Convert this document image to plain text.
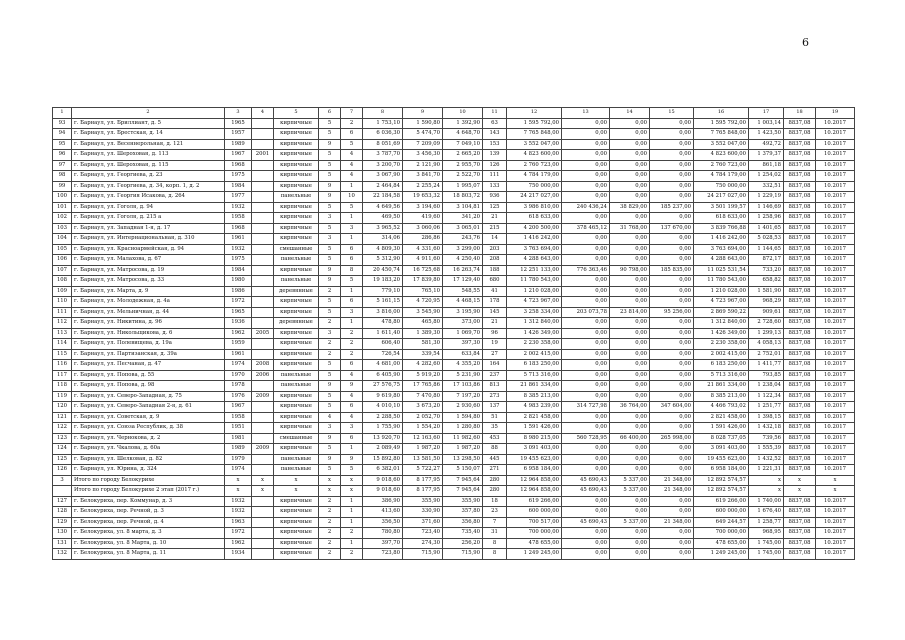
6
1	2	3	4	5	6	7	8	9	10	11	12	13	14	15	16	17	18	19
93	г. Барнаул, ул. Бриллиант, д. 5	1965		кирпичные	5	2	1 753,10	1 590,80	1 392,90	63	1 595 792,00	0,00	0,00	0,00	1 595 792,00	1 003,14	8837,08	10.2017
94	г. Барнаул, ул. Брестская, д. 14	1957		кирпичные	5	6	6 036,30	5 474,70	4 648,70	143	7 765 848,00	0,00	0,00	0,00	7 765 848,00	1 423,50	8837,08	10.2017
95	г. Барнаул, ул. Весеннерольная, д. 121	1989		кирпичные	9	5	8 051,69	7 209,09	7 049,10	153	3 552 047,00	0,00	0,00	0,00	3 552 047,00	492,72	8837,08	10.2017
96	г. Барнаул, ул. Шероховая, д. 113	1967	2001	кирпичные	5	4	3 787,70	3 456,30	2 665,20	139	4 823 600,00	0,00	0,00	0,00	4 823 600,00	1 379,37	8837,08	10.2017
97	г. Барнаул, ул. Шероховая, д. 115	1968		кирпичные	5	4	3 200,70	2 121,90	2 955,70	126	2 760 723,00	0,00	0,00	0,00	2 760 723,00	861,18	8837,08	10.2017
98	г. Барнаул, ул. Георгиева, д. 23	1975		кирпичные	5	4	3 067,90	3 841,70	2 522,70	111	4 784 179,00	0,00	0,00	0,00	4 784 179,00	1 254,02	8837,08	10.2017
99	г. Барнаул, ул. Георгиева, д. 34, корп. 1, д. 2	1984		кирпичные	9	1	2 464,84	2 255,24	1 995,07	133	750 000,00	0,00	0,00	0,00	750 000,00	332,51	8837,08	10.2017
100	г. Барнаул, ул. Георгия Исакова, д. 264	1977		панельные	9	10	22 184,58	19 653,32	18 803,72	936	24 217 027,00	0,00	0,00	0,00	24 217 027,00	1 229,19	8837,08	10.2017
101	г. Барнаул, ул. Гоголя, д. 94	1932		кирпичные	5	5	4 649,56	3 194,60	3 104,81	125	3 986 810,00	240 436,24	38 829,00	185 237,00	3 501 199,57	1 146,69	8837,08	10.2017
102	г. Барнаул, ул. Гоголя, д. 215 а	1958		кирпичные	3	1	469,50	419,60	341,20	21	618 633,00	0,00	0,00	0,00	618 633,00	1 258,96	8837,08	10.2017
103	г. Барнаул, ул. Западная 1-я, д. 17	1968		кирпичные	5	3	3 965,52	3 060,06	3 065,01	215	4 200 500,00	378 465,12	31 768,00	137 670,00	3 839 766,88	1 401,65	8837,08	10.2017
104	г. Барнаул, ул. Интернациональная, д. 310	1961		кирпичные	3	1	314,06	286,86	243,76	14	1 416 242,00	0,00	0,00	0,00	1 416 242,00	5 028,53	8837,08	10.2017
105	г. Барнаул, ул. Красноармейская, д. 94	1932		смешанные	5	6	4 809,30	4 331,60	3 299,00	203	3 763 694,00	0,00	0,00	0,00	3 763 694,00	1 144,65	8837,08	10.2017
106	г. Барнаул, ул. Малахова, д. 67	1975		панельные	5	6	5 312,90	4 911,60	4 250,40	208	4 288 643,00	0,00	0,00	0,00	4 288 643,00	872,17	8837,08	10.2017
107	г. Барнаул, ул. Матросова, д. 19	1984		кирпичные	9	8	20 450,74	16 725,68	16 263,74	188	12 251 133,00	776 363,46	90 798,00	185 835,00	11 025 531,54	733,20	8837,08	10.2017
108	г. Барнаул, ул. Матросова, д. 33	1980		панельные	9	5	19 183,20	17 839,80	17 129,40	680	11 780 543,00	0,00	0,00	0,00	11 780 543,00	658,82	8837,08	10.2017
109	г. Барнаул, ул. Марта, д. 9	1986		деревянные	2	1	779,10	765,10	548,55	41	1 210 028,00	0,00	0,00	0,00	1 210 028,00	1 581,90	8837,08	10.2017
110	г. Барнаул, ул. Молодежная, д. 4а	1972		кирпичные	5	6	5 161,15	4 720,95	4 468,15	178	4 723 967,00	0,00	0,00	0,00	4 723 967,00	968,29	8837,08	10.2017
111	г. Барнаул, ул. Мельничная, д. 44	1965		кирпичные	5	3	3 816,00	3 545,90	3 195,90	145	3 258 334,00	203 073,78	23 814,00	95 256,00	2 869 590,22	909,61	8837,08	10.2017
112	г. Барнаул, ул. Никитина, д. 96	1936		деревянные	2	1	478,80	465,80	373,00	21	1 312 840,00	0,00	0,00	0,00	1 312 840,00	2 728,60	8837,08	10.2017
113	г. Барнаул, ул. Никольщикова, д. 6	1962	2005	кирпичные	3	2	1 611,40	1 389,30	1 069,70	96	1 426 349,00	0,00	0,00	0,00	1 426 349,00	1 299,13	8837,08	10.2017
114	г. Барнаул, ул. Полевищева, д. 19а	1959		кирпичные	2	2	606,40	581,30	397,30	19	2 230 358,00	0,00	0,00	0,00	2 230 358,00	4 058,13	8837,08	10.2017
115	г. Барнаул, ул. Партизанская, д. 39а	1961		кирпичные	2	2	726,54	339,54	633,84	27	2 002 415,00	0,00	0,00	0,00	2 002 415,00	2 752,01	8837,08	10.2017
116	г. Барнаул, ул. Песчаная, д. 47	1974	2008	кирпичные	5	6	4 681,00	4 282,60	4 355,20	164	6 183 250,00	0,00	0,00	0,00	6 183 250,00	1 411,77	8837,08	10.2017
117	г. Барнаул, ул. Попова, д. 55	1970	2006	панельные	5	4	6 405,90	5 919,20	5 231,90	237	5 713 316,00	0,00	0,00	0,00	5 713 316,00	793,85	8837,08	10.2017
118	г. Барнаул, ул. Попова, д. 98	1978		панельные	9	9	27 576,75	17 765,86	17 103,86	813	21 861 334,00	0,00	0,00	0,00	21 861 334,00	1 238,04	8837,08	10.2017
119	г. Барнаул, ул. Северо-Западная, д. 75	1976	2009	кирпичные	5	4	9 619,80	7 470,80	7 197,20	273	8 385 213,00	0,00	0,00	0,00	8 385 213,00	1 122,34	8837,08	10.2017
120	г. Барнаул, ул. Северо-Западная 2-я, д. 61	1967		кирпичные	5	6	4 010,10	3 673,20	2 930,60	137	4 983 239,00	314 727,98	36 764,00	347 604,00	4 466 793,02	1 251,77	8837,08	10.2017
121	г. Барнаул, ул. Советская, д. 9	1958		кирпичные	4	4	2 288,50	2 052,70	1 594,80	51	2 821 458,00	0,00	0,00	0,00	2 821 458,00	1 398,15	8837,08	10.2017
122	г. Барнаул, ул. Союза Республик, д. 38	1951		кирпичные	3	3	1 755,90	1 554,20	1 280,80	35	1 591 426,00	0,00	0,00	0,00	1 591 426,00	1 432,18	8837,08	10.2017
123	г. Барнаул, ул. Чернокова, д. 2	1981		смешанные	9	6	13 920,70	12 163,60	11 982,60	453	8 980 215,00	560 728,95	66 400,00	265 998,00	8 028 737,05	739,56	8837,08	10.2017
124	г. Барнаул, ул. Чкалова, д. 60а	1989	2009	кирпичные	5	1	2 089,49	1 987,20	1 987,20	88	3 091 403,00	0,00	0,00	0,00	3 091 403,00	1 555,39	8837,08	10.2017
125	г. Барнаул, ул. Шелковая, д. 82	1979		панельные	9	9	15 892,80	13 581,50	13 298,50	445	19 455 623,00	0,00	0,00	0,00	19 455 623,00	1 432,52	8837,08	10.2017
126	г. Барнаул, ул. Юрина, д. 324	1974		панельные	5	5	6 382,01	5 722,27	5 150,07	271	6 958 184,00	0,00	0,00	0,00	6 958 184,00	1 221,31	8837,08	10.2017
3	Итого по городу Белокурихе	х	х	х	х	х	9 018,60	8 177,95	7 945,64	280	12 964 858,00	45 690,43	5 337,00	21 348,00	12 892 574,57	х	х	х
	Итого по городу Белокурихе 2 этап (2017 г.)	х	х	х	х	х	9 018,60	8 177,95	7 945,64	280	12 964 858,00	45 690,43	5 337,00	21 348,00	12 892 574,57	х	х	х
127	г. Белокуриха, пер. Коммунар, д. 3	1932		кирпичные	2	1	386,90	355,90	355,90	18	619 266,00	0,00	0,00	0,00	619 266,00	1 740,00	8837,08	10.2017
128	г. Белокуриха, пер. Речной, д. 3	1932		кирпичные	2	1	413,60	330,90	357,80	23	600 000,00	0,00	0,00	0,00	600 000,00	1 676,40	8837,08	10.2017
129	г. Белокуриха, пер. Речной, д. 4	1963		кирпичные	2	1	356,50	371,60	356,80	7	700 517,00	45 690,43	5 337,00	21 348,00	649 244,57	1 258,77	8837,08	10.2017
130	г. Белокуриха, ул. 8 марта, д. 3	1972		кирпичные	2	2	780,80	723,40	735,40	31	700 000,00	0,00	0,00	0,00	700 000,00	968,95	8837,08	10.2017
131	г. Белокуриха, ул. 8 Марта, д. 10	1962		кирпичные	2	1	397,70	274,30	256,20	8	478 655,00	0,00	0,00	0,00	478 655,00	1 745,00	8837,08	10.2017
132	г. Белокуриха, ул. 8 Марта, д. 11	1934		кирпичные	2	2	723,80	715,90	715,90	8	1 249 245,00	0,00	0,00	0,00	1 249 245,00	1 745,00	8837,08	10.2017
